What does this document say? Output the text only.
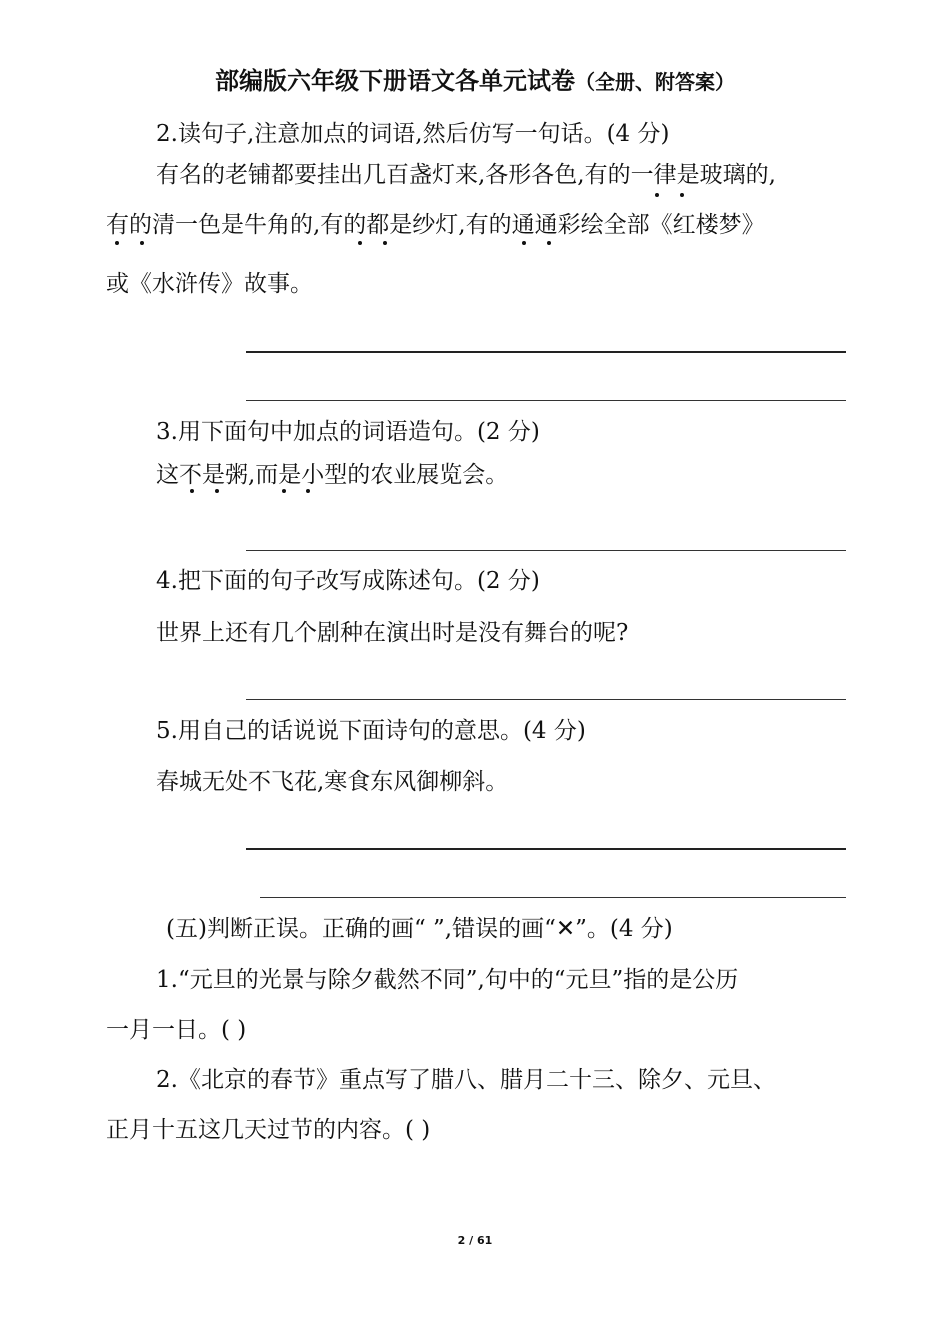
部编版六年级下册语文各单元试卷（全册、附答案）
2.读句子,注意加点的词语,然后仿写一句话。(4 分)
有名的老铺都要挂出几百盏灯来,各形各色,有的一律是玻璃的,
有的清一色是牛角的,有的都是纱灯,有的通通彩绘全部《红楼梦》
或《水浒传》故事。
3.用下面句中加点的词语造句。(2 分)
这不是粥,而是小型的农业展览会。
4.把下面的句子改写成陈述句。(2 分)
世界上还有几个剧种在演出时是没有舞台的呢?
5.用自己的话说说下面诗句的意思。(4 分)
春城无处不飞花,寒食东风御柳斜。
(五)判断正误。正确的画“ ”,错误的画“✕”。(4 分)
1.“元旦的光景与除夕截然不同”,句中的“元旦”指的是公历
一月一日。( )
2.《北京的春节》重点写了腊八、腊月二十三、除夕、元旦、
正月十五这几天过节的内容。( )
2 / 61
